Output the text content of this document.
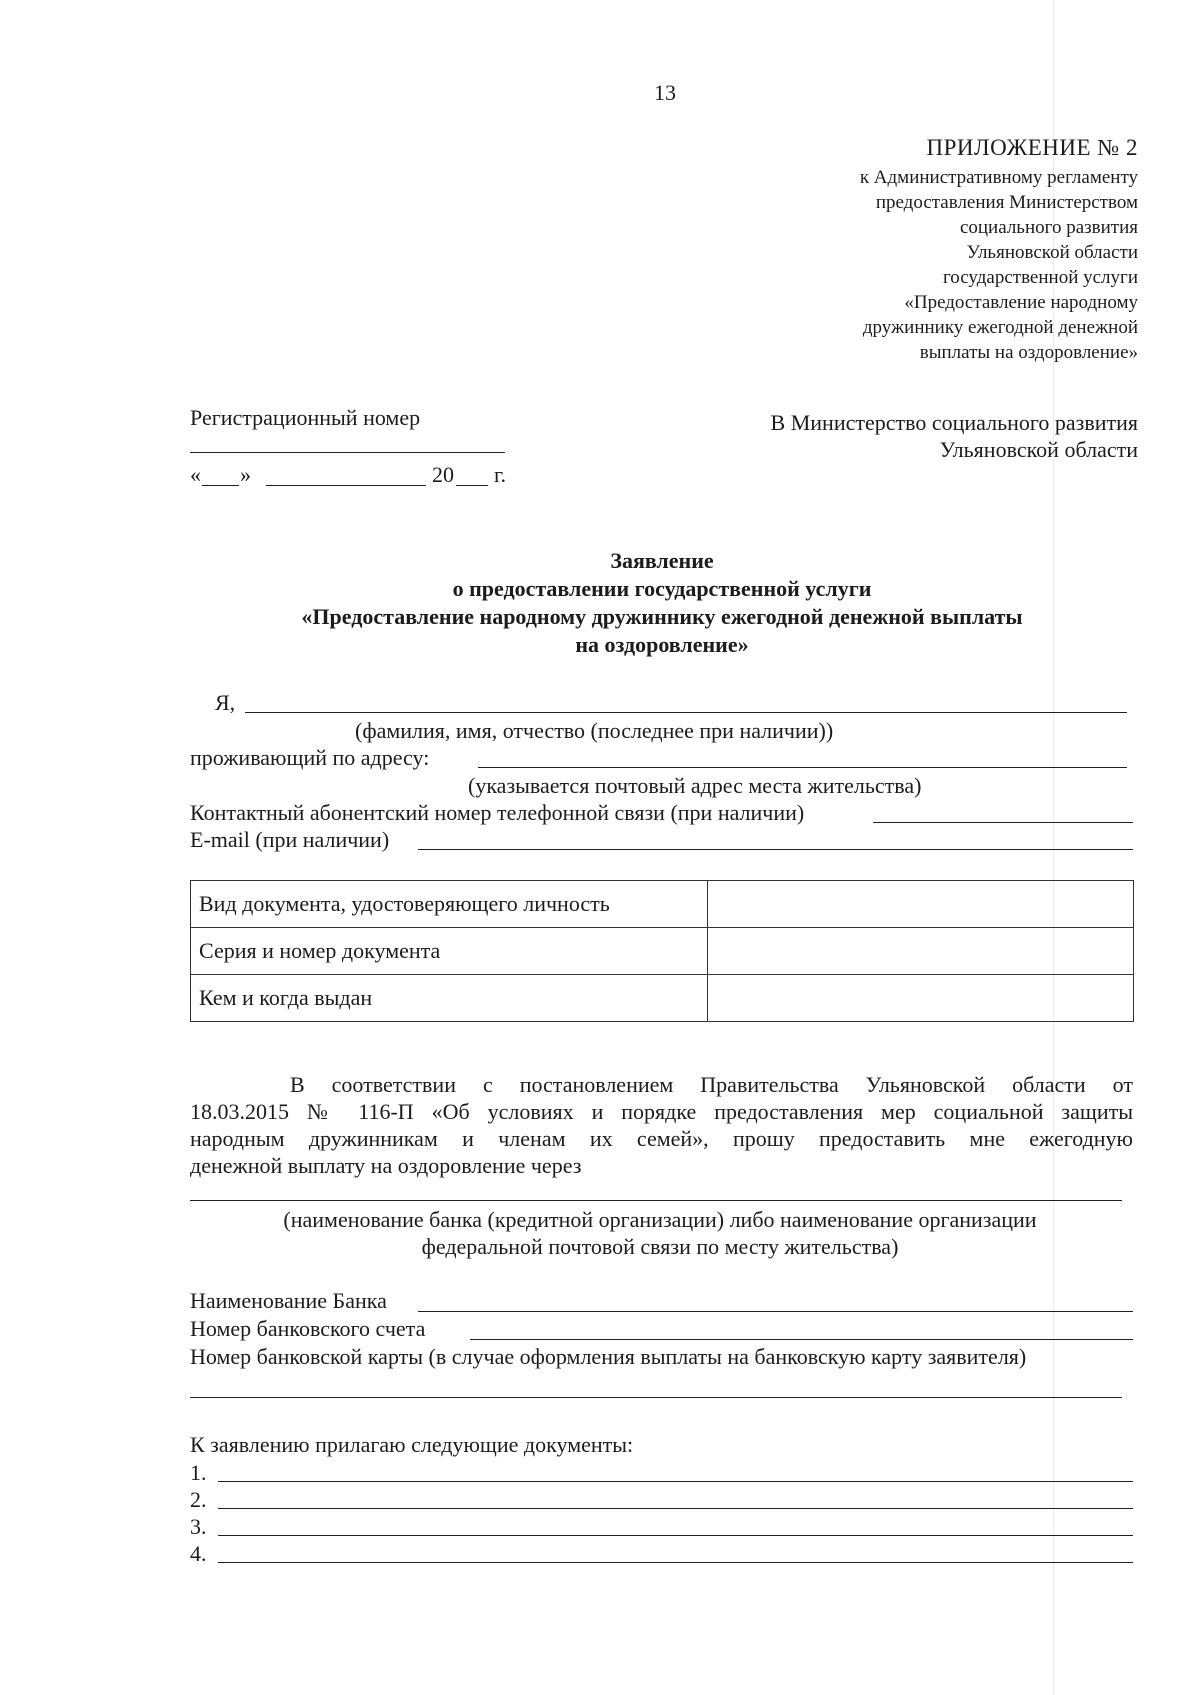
13
ПРИЛОЖЕНИЕ № 2
к Административному регламенту
предоставления Министерством
социального развития
Ульяновской области
государственной услуги
«Предоставление народному
дружиннику ежегодной денежной
выплаты на оздоровление»
Регистрационный номер
« »	20 г.
В Министерство социального развития
Ульяновской области
Заявление
о предоставлении государственной услуги
«Предоставление народному дружиннику ежегодной денежной выплаты
на оздоровление»
Я,
(фамилия, имя, отчество (последнее при наличии))
проживающий по адресу:
(указывается почтовый адрес места жительства)
Контактный абонентский номер телефонной связи (при наличии)
E-mail (при наличии)
Вид документа, удостоверяющего личность	
Серия и номер документа	
Кем и когда выдан	
В соответствии с постановлением Правительства Ульяновской области от
18.03.2015 № 116-П «Об условиях и порядке предоставления мер социальной защиты
народным дружинникам и членам их семей», прошу предоставить мне ежегодную
денежной выплату на оздоровление через
(наименование банка (кредитной организации) либо наименование организации
федеральной почтовой связи по месту жительства)
Наименование Банка
Номер банковского счета
Номер банковской карты (в случае оформления выплаты на банковскую карту заявителя)
К заявлению прилагаю следующие документы:
1.
2.
3.
4.
